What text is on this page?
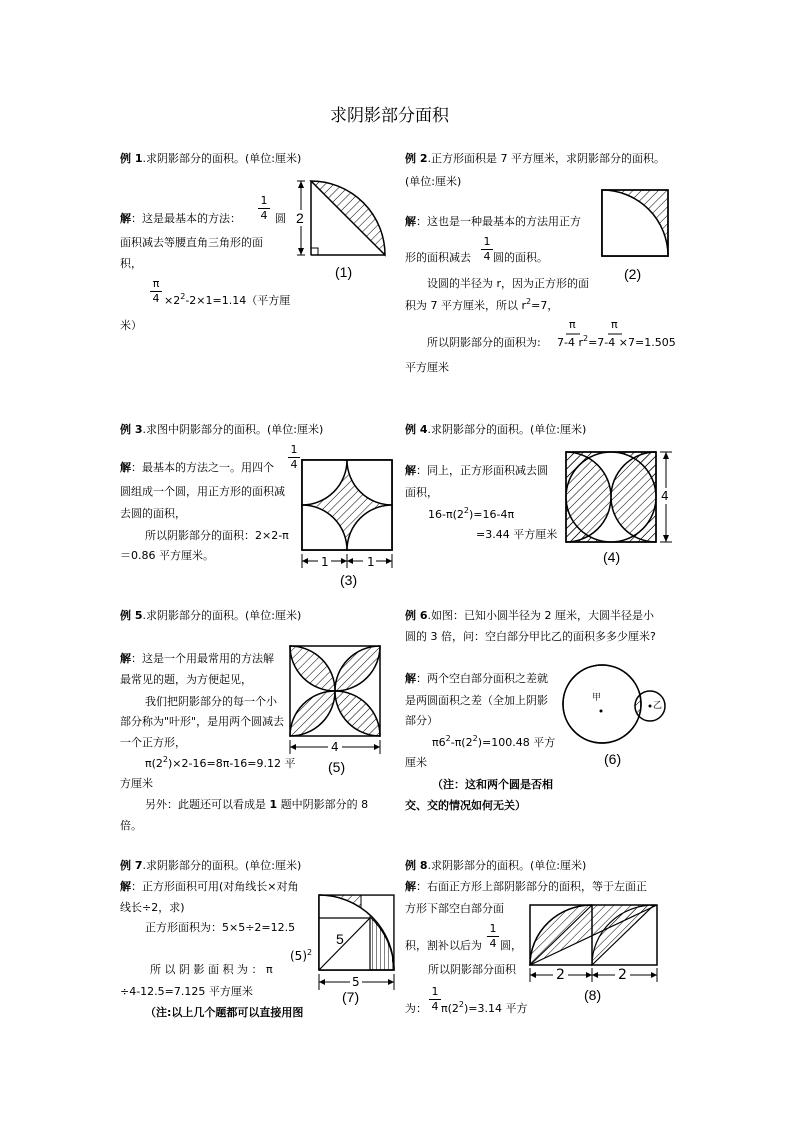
求阴影部分面积
例 1.求阴影部分的面积。(单位:厘米)
解：这是最基本的方法：
1
4 圆
面积减去等腰直角三角形的面
积，
π
$4 \times 2^2-2\times 1=1.14$（平方厘
米）
2
(1)
例 2.正方形面积是 7 平方厘米，求阴影部分的面积。
(单位:厘米)
解：这也是一种最基本的方法用正方
形的面积减去
1
4 圆的面积。
设圆的半径为 r，因为正方形的面
积为 7 平方厘米，所以 $r^2=7$，
所以阴影部分的面积为:
π	π
7-4 $r^2=7-4 \times 7=1.505$
平方厘米
(2)
例 3.求图中阴影部分的面积。(单位:厘米)
解：最基本的方法之一。用四个
1
4
圆组成一个圆，用正方形的面积减
去圆的面积，
所以阴影部分的面积：2×2-π
＝0.86 平方厘米。	1	1
(3)
例 4.求阴影部分的面积。(单位:厘米)
解：同上，正方形面积减去圆
面积，
$16-\pi(2^2)=16-4\pi$
=3.44 平方厘米
4
(4)
例 5.求阴影部分的面积。(单位:厘米)
解：这是一个用最常用的方法解
最常见的题，为方便起见，
我们把阴影部分的每一个小
部分称为"叶形"，是用两个圆减去
一个正方形，
$\pi(2^2)\times 2-16=8\pi-16=9.12$ 平
方厘米
另外：此题还可以看成是 1 题中阴影部分的 8
倍。
4
(5)
例 6.如图：已知小圆半径为 2 厘米，大圆半径是小
圆的 3 倍，问：空白部分甲比乙的面积多多少厘米?
解：两个空白部分面积之差就
是两圆面积之差（全加上阴影
部分）
$\pi 6^2-\pi(2^2)=100.48$ 平方
厘米
（注：这和两个圆是否相
交、交的情况如何无关）
甲
乙
(6)
例 7.求阴影部分的面积。(单位:厘米)
解：正方形面积可用(对角线长×对角
线长÷2，求)
正方形面积为：5×5÷2=12.5
所 以 阴 影 面 积 为 ： π
$(5)^2$
÷4-12.5=7.125 平方厘米
（注:以上几个题都可以直接用图
5
5
(7)
例 8.求阴影部分的面积。(单位:厘米)
解：右面正方形上部阴影部分的面积，等于左面正
方形下部空白部分面
积，割补以后为
1
4 圆，
所以阴影部分面积
为：
1
4 $\pi(2^2)=3.14$ 平方
2	2
(8)
